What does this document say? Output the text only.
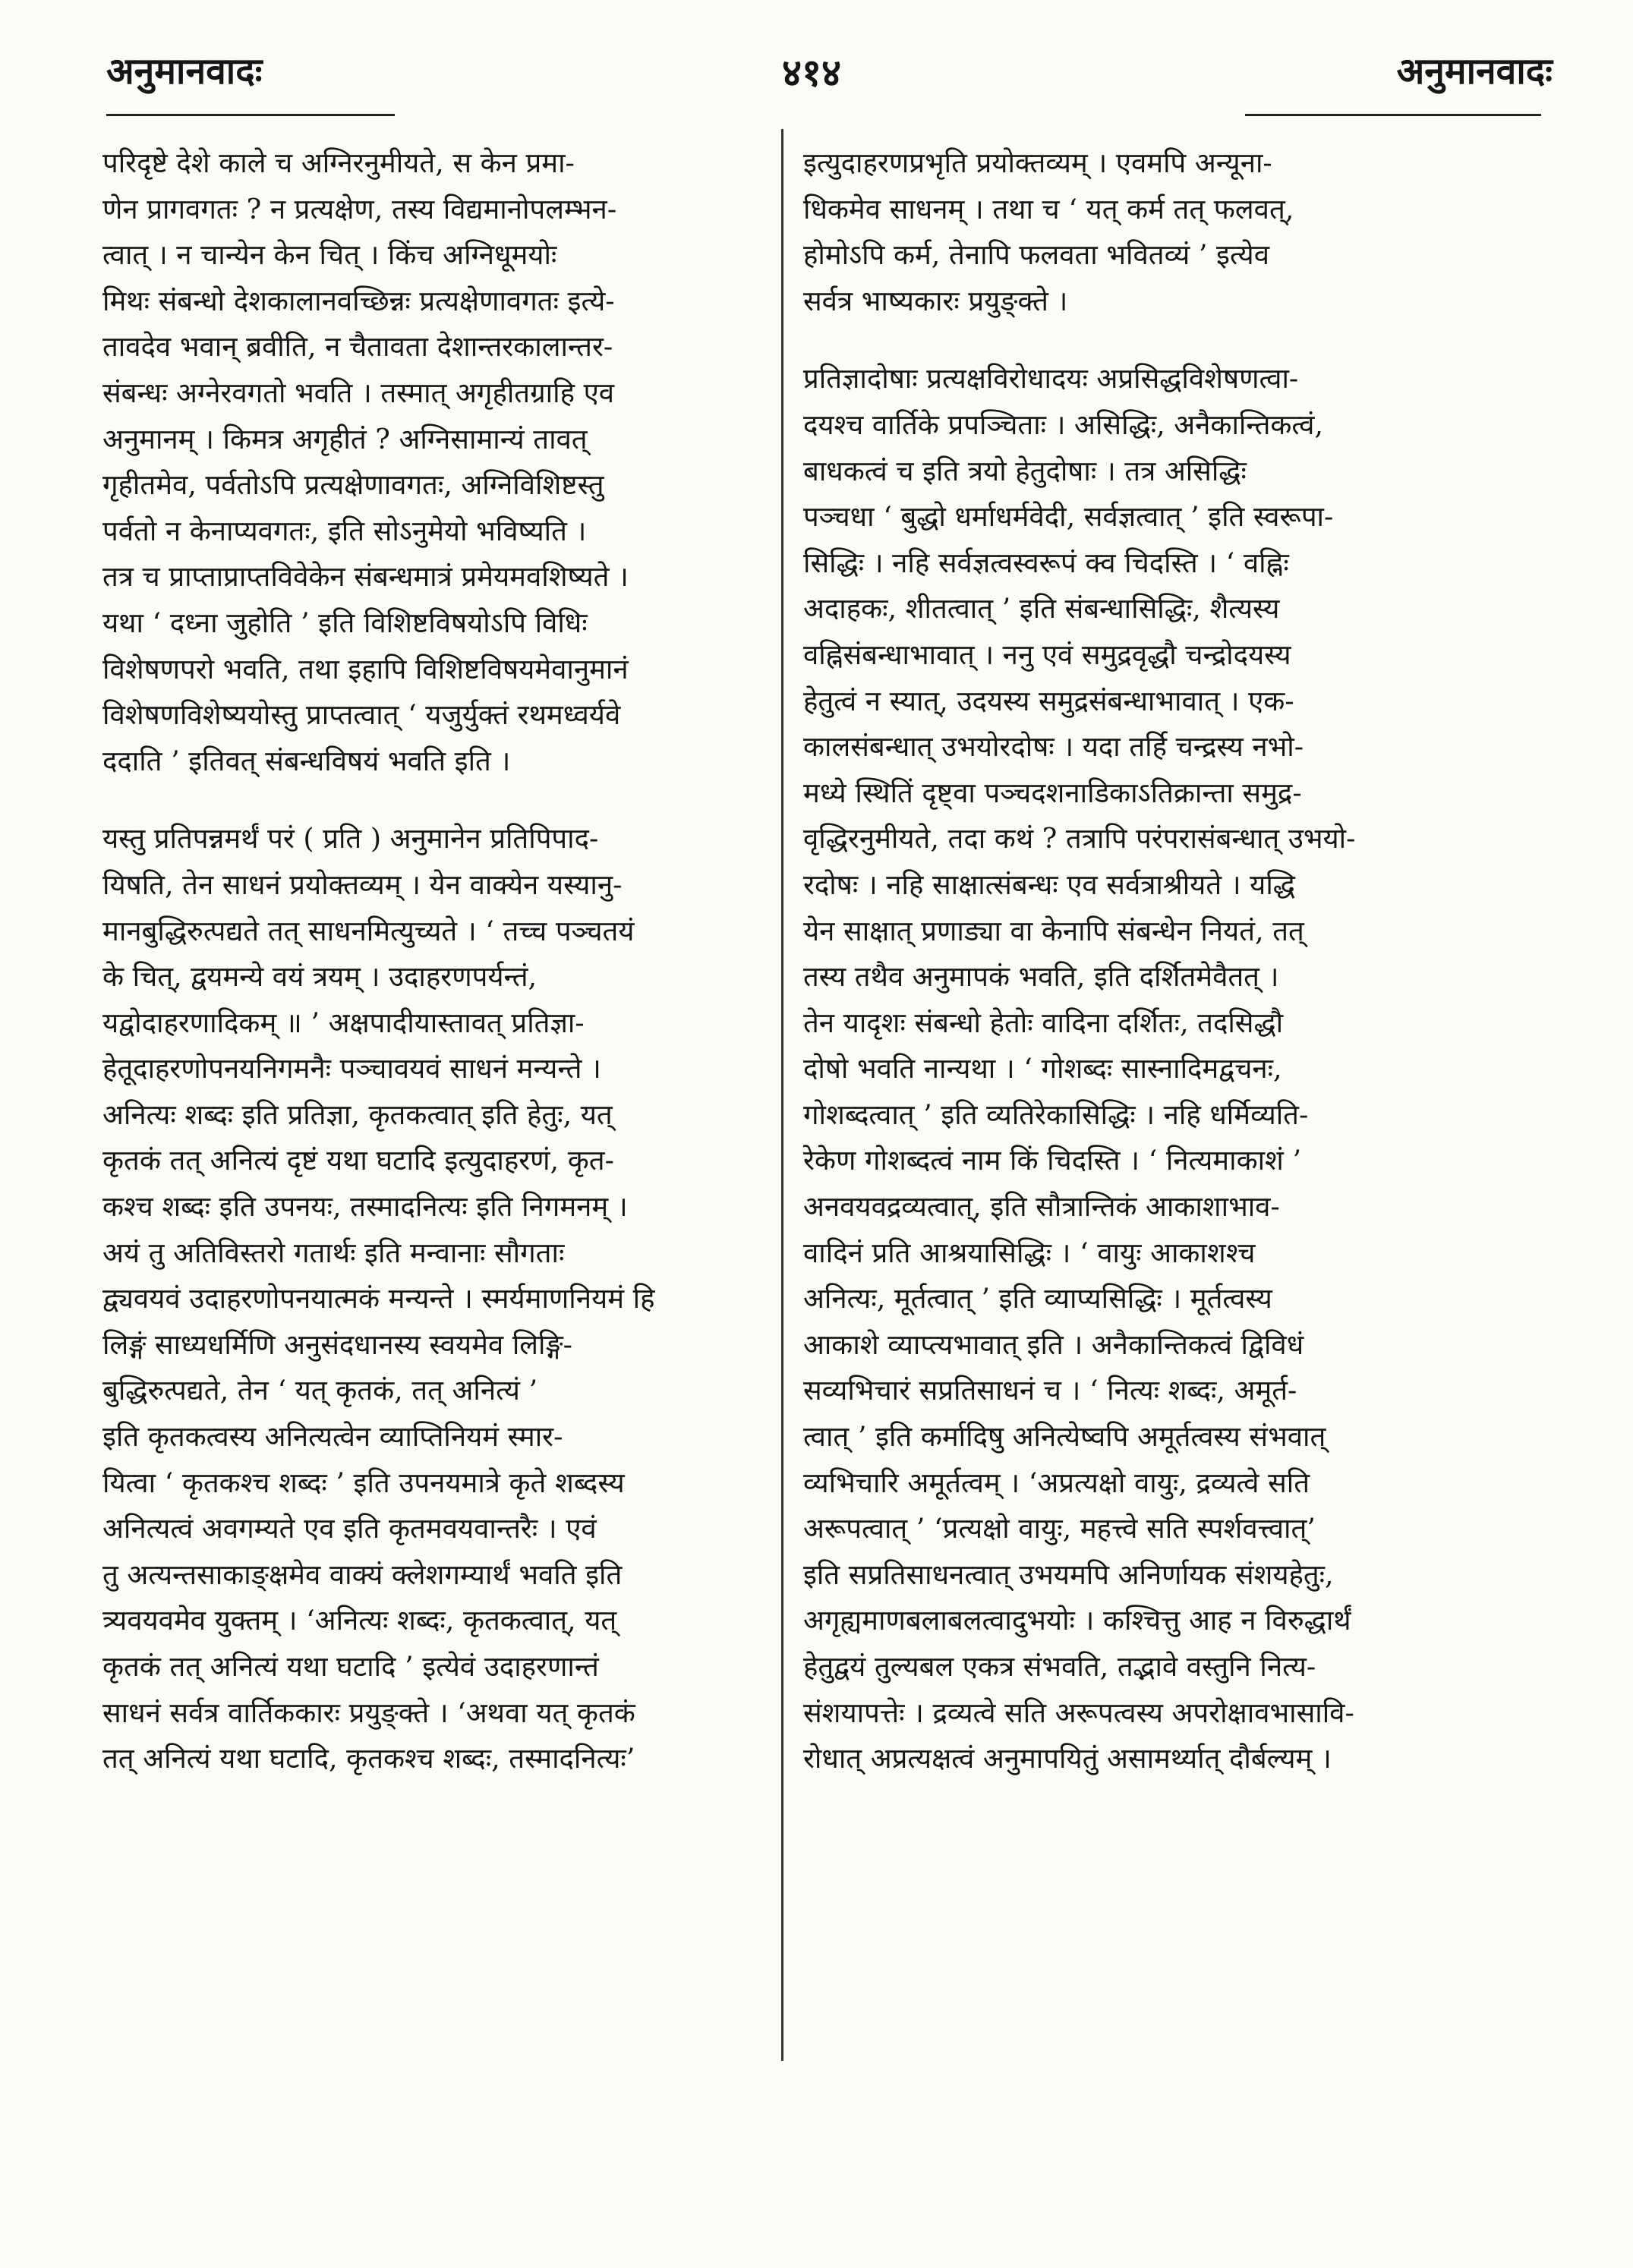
अनुमानवादः	४१४	अनुमानवादः

परिदृष्टे देशे काले च अग्निरनुमीयते, स केन प्रमा-

णेन प्रागवगतः ? न प्रत्यक्षेण, तस्य विद्यमानोपलम्भन-

त्वात् । न चान्येन केन चित् । किंच अग्निधूमयोः

मिथः संबन्धो देशकालानवच्छिन्नः प्रत्यक्षेणावगतः इत्ये-

तावदेव भवान् ब्रवीति, न चैतावता देशान्तरकालान्तर-

संबन्धः अग्नेरवगतो भवति । तस्मात् अगृहीतग्राहि एव

अनुमानम् । किमत्र अगृहीतं ? अग्निसामान्यं तावत्

गृहीतमेव, पर्वतोऽपि प्रत्यक्षेणावगतः, अग्निविशिष्टस्तु

पर्वतो न केनाप्यवगतः, इति सोऽनुमेयो भविष्यति ।

तत्र च प्राप्ताप्राप्तविवेकेन संबन्धमात्रं प्रमेयमवशिष्यते ।

यथा ‘ दध्ना जुहोति ’ इति विशिष्टविषयोऽपि विधिः

विशेषणपरो भवति, तथा इहापि विशिष्टविषयमेवानुमानं

विशेषणविशेष्ययोस्तु प्राप्तत्वात् ‘ यजुर्युक्तं रथमध्वर्यवे

ददाति ’ इतिवत् संबन्धविषयं भवति इति ।

यस्तु प्रतिपन्नमर्थं परं ( प्रति ) अनुमानेन प्रतिपिपाद-

यिषति, तेन साधनं प्रयोक्तव्यम् । येन वाक्येन यस्यानु-

मानबुद्धिरुत्पद्यते तत् साधनमित्युच्यते । ‘ तच्च पञ्चतयं

के चित्, द्वयमन्ये वयं त्रयम् । उदाहरणपर्यन्तं,

यद्वोदाहरणादिकम् ॥ ’ अक्षपादीयास्तावत् प्रतिज्ञा-

हेतूदाहरणोपनयनिगमनैः पञ्चावयवं साधनं मन्यन्ते ।

अनित्यः शब्दः इति प्रतिज्ञा, कृतकत्वात् इति हेतुः, यत्

कृतकं तत् अनित्यं दृष्टं यथा घटादि इत्युदाहरणं, कृत-

कश्च शब्दः इति उपनयः, तस्मादनित्यः इति निगमनम् ।

अयं तु अतिविस्तरो गतार्थः इति मन्वानाः सौगताः

द्व्यवयवं उदाहरणोपनयात्मकं मन्यन्ते । स्मर्यमाणनियमं हि

लिङ्गं साध्यधर्मिणि अनुसंदधानस्य स्वयमेव लिङ्गि-

बुद्धिरुत्पद्यते, तेन ‘ यत् कृतकं, तत् अनित्यं ’

इति कृतकत्वस्य अनित्यत्वेन व्याप्तिनियमं स्मार-

यित्वा ‘ कृतकश्च शब्दः ’ इति उपनयमात्रे कृते शब्दस्य

अनित्यत्वं अवगम्यते एव इति कृतमवयवान्तरैः । एवं

तु अत्यन्तसाकाङ्क्षमेव वाक्यं क्लेशगम्यार्थं भवति इति

त्र्यवयवमेव युक्तम् । ‘अनित्यः शब्दः, कृतकत्वात्, यत्

कृतकं तत् अनित्यं यथा घटादि ’ इत्येवं उदाहरणान्तं

साधनं सर्वत्र वार्तिककारः प्रयुङ्क्ते । ‘अथवा यत् कृतकं

तत् अनित्यं यथा घटादि, कृतकश्च शब्दः, तस्मादनित्यः’

इत्युदाहरणप्रभृति प्रयोक्तव्यम् । एवमपि अन्यूना-

धिकमेव साधनम् । तथा च ‘ यत् कर्म तत् फलवत्,

होमोऽपि कर्म, तेनापि फलवता भवितव्यं ’ इत्येव

सर्वत्र भाष्यकारः प्रयुङ्क्ते ।

प्रतिज्ञादोषाः प्रत्यक्षविरोधादयः अप्रसिद्धविशेषणत्वा-

दयश्च वार्तिके प्रपञ्चिताः । असिद्धिः, अनैकान्तिकत्वं,

बाधकत्वं च इति त्रयो हेतुदोषाः । तत्र असिद्धिः

पञ्चधा ‘ बुद्धो धर्माधर्मवेदी, सर्वज्ञत्वात् ’ इति स्वरूपा-

सिद्धिः । नहि सर्वज्ञत्वस्वरूपं क्व चिदस्ति । ‘ वह्निः

अदाहकः, शीतत्वात् ’ इति संबन्धासिद्धिः, शैत्यस्य

वह्निसंबन्धाभावात् । ननु एवं समुद्रवृद्धौ चन्द्रोदयस्य

हेतुत्वं न स्यात्, उदयस्य समुद्रसंबन्धाभावात् । एक-

कालसंबन्धात् उभयोरदोषः । यदा तर्हि चन्द्रस्य नभो-

मध्ये स्थितिं दृष्ट्वा पञ्चदशनाडिकाऽतिक्रान्ता समुद्र-

वृद्धिरनुमीयते, तदा कथं ? तत्रापि परंपरासंबन्धात् उभयो-

रदोषः । नहि साक्षात्संबन्धः एव सर्वत्राश्रीयते । यद्धि

येन साक्षात् प्रणाड्या वा केनापि संबन्धेन नियतं, तत्

तस्य तथैव अनुमापकं भवति, इति दर्शितमेवैतत् ।

तेन यादृशः संबन्धो हेतोः वादिना दर्शितः, तदसिद्धौ

दोषो भवति नान्यथा । ‘ गोशब्दः सास्नादिमद्वचनः,

गोशब्दत्वात् ’ इति व्यतिरेकासिद्धिः । नहि धर्मिव्यति-

रेकेण गोशब्दत्वं नाम किं चिदस्ति । ‘ नित्यमाकाशं ’

अनवयवद्रव्यत्वात्, इति सौत्रान्तिकं आकाशाभाव-

वादिनं प्रति आश्रयासिद्धिः । ‘ वायुः आकाशश्च

अनित्यः, मूर्तत्वात् ’ इति व्याप्यसिद्धिः । मूर्तत्वस्य

आकाशे व्याप्त्यभावात् इति । अनैकान्तिकत्वं द्विविधं

सव्यभिचारं सप्रतिसाधनं च । ‘ नित्यः शब्दः, अमूर्त-

त्वात् ’ इति कर्मादिषु अनित्येष्वपि अमूर्तत्वस्य संभवात्

व्यभिचारि अमूर्तत्वम् । ‘अप्रत्यक्षो वायुः, द्रव्यत्वे सति

अरूपत्वात् ’ ‘प्रत्यक्षो वायुः, महत्त्वे सति स्पर्शवत्त्वात्’

इति सप्रतिसाधनत्वात् उभयमपि अनिर्णायक संशयहेतुः,

अगृह्यमाणबलाबलत्वादुभयोः । कश्चित्तु आह न विरुद्धार्थं

हेतुद्वयं तुल्यबल एकत्र संभवति, तद्भावे वस्तुनि नित्य-

संशयापत्तेः । द्रव्यत्वे सति अरूपत्वस्य अपरोक्षावभासावि-

रोधात् अप्रत्यक्षत्वं अनुमापयितुं असामर्थ्यात् दौर्बल्यम् ।
